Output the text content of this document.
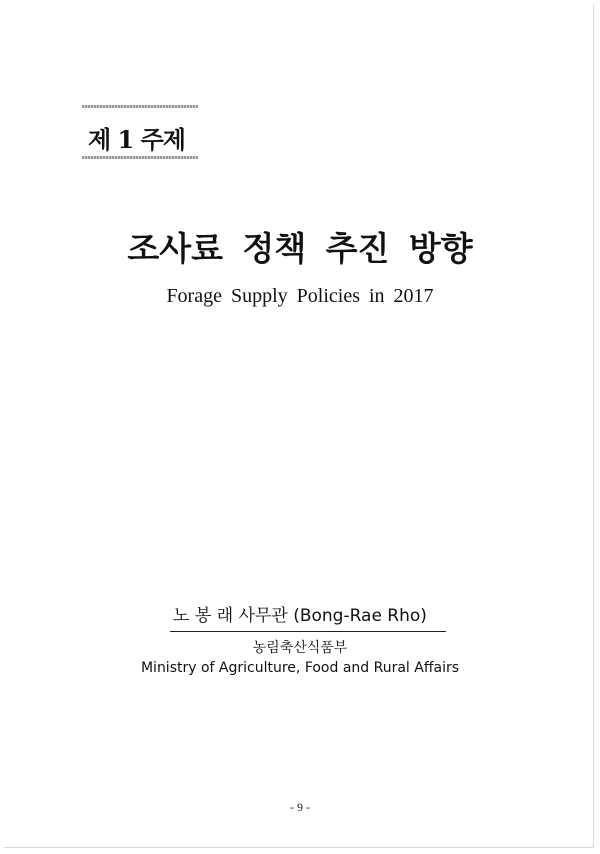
제 1 주제
조사료 정책 추진 방향
Forage Supply Policies in 2017
노 봉 래 사무관 (Bong-Rae Rho)
농림축산식품부
Ministry of Agriculture, Food and Rural Affairs
- 9 -
